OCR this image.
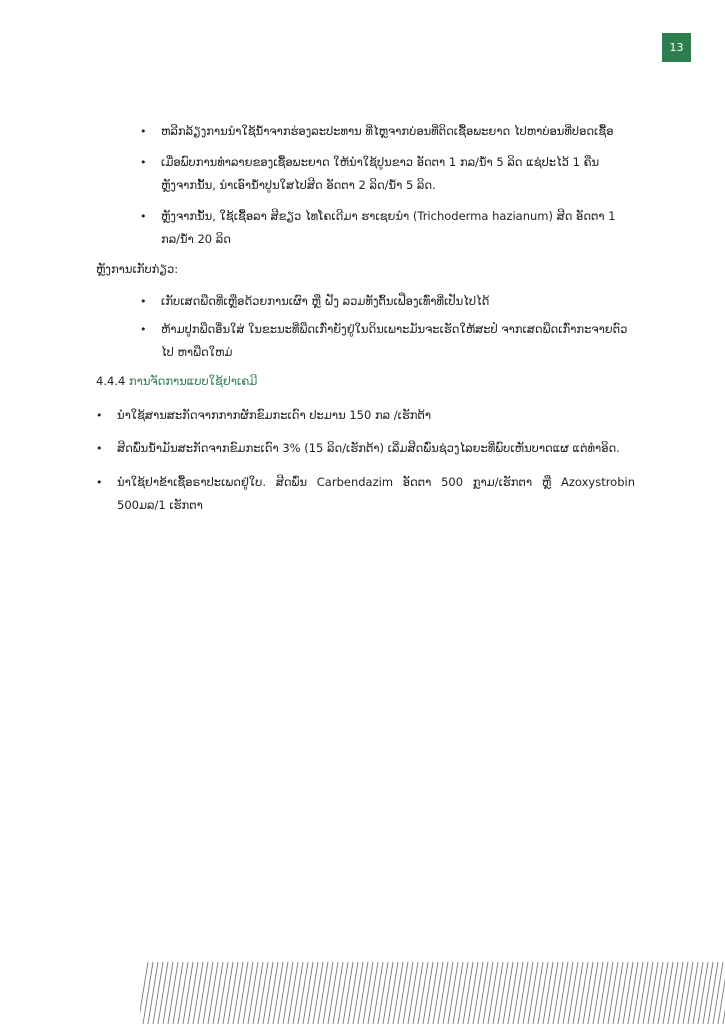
13
• ຫລີກລ້ຽງການນໍາໃຊ້ນ້ຳຈາກຮ່ອງລະປະທານ ທີ່ໄຫຼຈາກບ່ອນທີ່ຕິດເຊື້ອພະຍາດ ໄປຫາບ່ອນທີ່ປອດເຊື້ອ
• ເມື່ອພົບການທໍາລາຍຂອງເຊື້ອພະຍາດ ໃຫ້ນໍາໃຊ້ປູນຂາວ ອັດຕາ 1 ກລ/ນ້ຳ 5 ລິດ ແຊ່ປະໄວ້ 1 ຄືນ ຫຼັງຈາກນັ້ນ, ນໍາເອົານ້ຳປູນໃສໄປສີດ ອັດຕາ 2 ລິດ/ນ້ຳ 5 ລິດ.
• ຫຼັງຈາກນັ້ນ, ໃຊ້ເຊື້ອລາ ສີຂຽວ ໄທໂຄເດີມາ ຮາເຊຍນໍາ (Trichoderma hazianum) ສີດ ອັດຕາ 1 ກລ/ນ້ຳ 20 ລິດ
ຫຼັງການເກັບກ່ຽວ:
• ເກັບເສດພືດທີ່ເຫຼືອດ້ວຍການເຜົາ ຫຼື ຝັງ ລວມທັງຕົ້ນເຟືອງເທົ່າທີ່ເປັນໄປໄດ້
• ຫ້າມປູກພືດອື່ນໃສ່ ໃນຂະນະທີ່ພືດເກົ່າຍັງຢູ່ໃນດິນເພາະມັນຈະເຮັດໃຫ້ສະປໍ ຈາກເສດພືດເກົ່າກະຈາຍຕົວໄປ ຫາພືດໃຫມ່
4.4.4 ການຈັດການແບບໃຊ້ຢາເຄມີ
• ນໍາໃຊ້ສານສະກັດຈາກກາກຜັກຂົມກະເດົາ ປະມານ 150 ກລ /ເຮັກຕ້າ
• ສີດພົ່ນນ້ຳມັນສະກັດຈາກຂົມກະເດົາ 3% (15 ລິດ/ເຮັກຕ້າ) ເລີ່ມສີດພົ່ນຊ່ວງໄລຍະທີ່ພົບເຫັນບາດແຜ ແຕ່ທໍາອິດ.
• ນໍາໃຊ້ຢາຂ້າເຊື້ອຣາປະເພດຢູ່ໃບ. ສີດພົ່ນ Carbendazim ອັດຕາ 500 ກຼາມ/ເຮັກຕາ ຫຼື Azoxystrobin 500ມລ/1 ເຮັກຕາ
